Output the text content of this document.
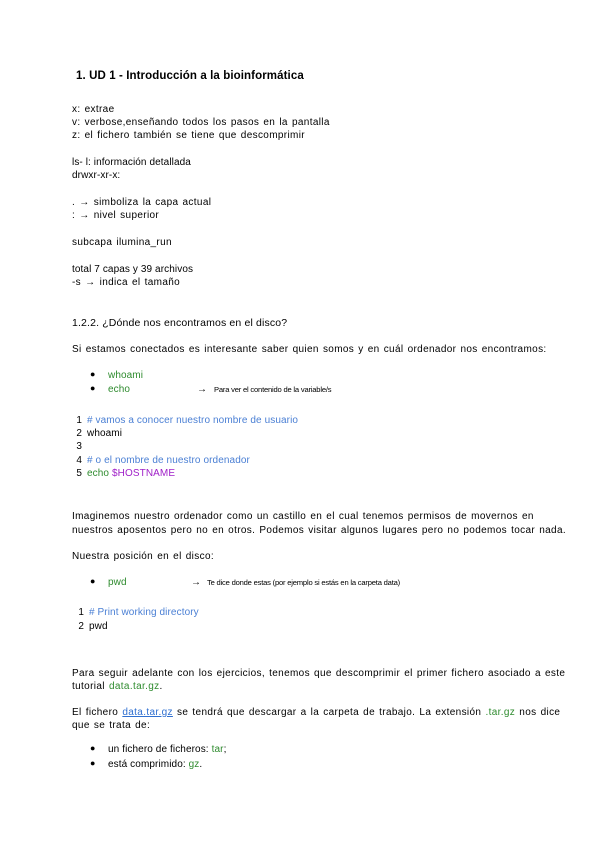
1. UD 1 - Introducción a la bioinformática
x: extrae
v: verbose,enseñando todos los pasos en la pantalla
z: el fichero también se tiene que descomprimir
ls- l: información detallada
drwxr-xr-x:
. → simboliza la capa actual
: → nivel superior
subcapa ilumina_run
total 7 capas y 39 archivos
-s → indica el tamaño
1.2.2. ¿Dónde nos encontramos en el disco?
Si estamos conectados es interesante saber quien somos y en cuál ordenador nos encontramos:
● whoami
● echo	→ Para ver el contenido de la variable/s
1 # vamos a conocer nuestro nombre de usuario
2 whoami
3
4 # o el nombre de nuestro ordenador
5 echo $HOSTNAME
Imaginemos nuestro ordenador como un castillo en el cual tenemos permisos de movernos en
nuestros aposentos pero no en otros. Podemos visitar algunos lugares pero no podemos tocar nada.
Nuestra posición en el disco:
● pwd	→ Te dice donde estas (por ejemplo si estás en la carpeta data)
1 # Print working directory
2 pwd
Para seguir adelante con los ejercicios, tenemos que descomprimir el primer fichero asociado a este
tutorial data.tar.gz.
El fichero data.tar.gz se tendrá que descargar a la carpeta de trabajo. La extensión .tar.gz nos dice
que se trata de:
● un fichero de ficheros: tar;
● está comprimido: gz.
